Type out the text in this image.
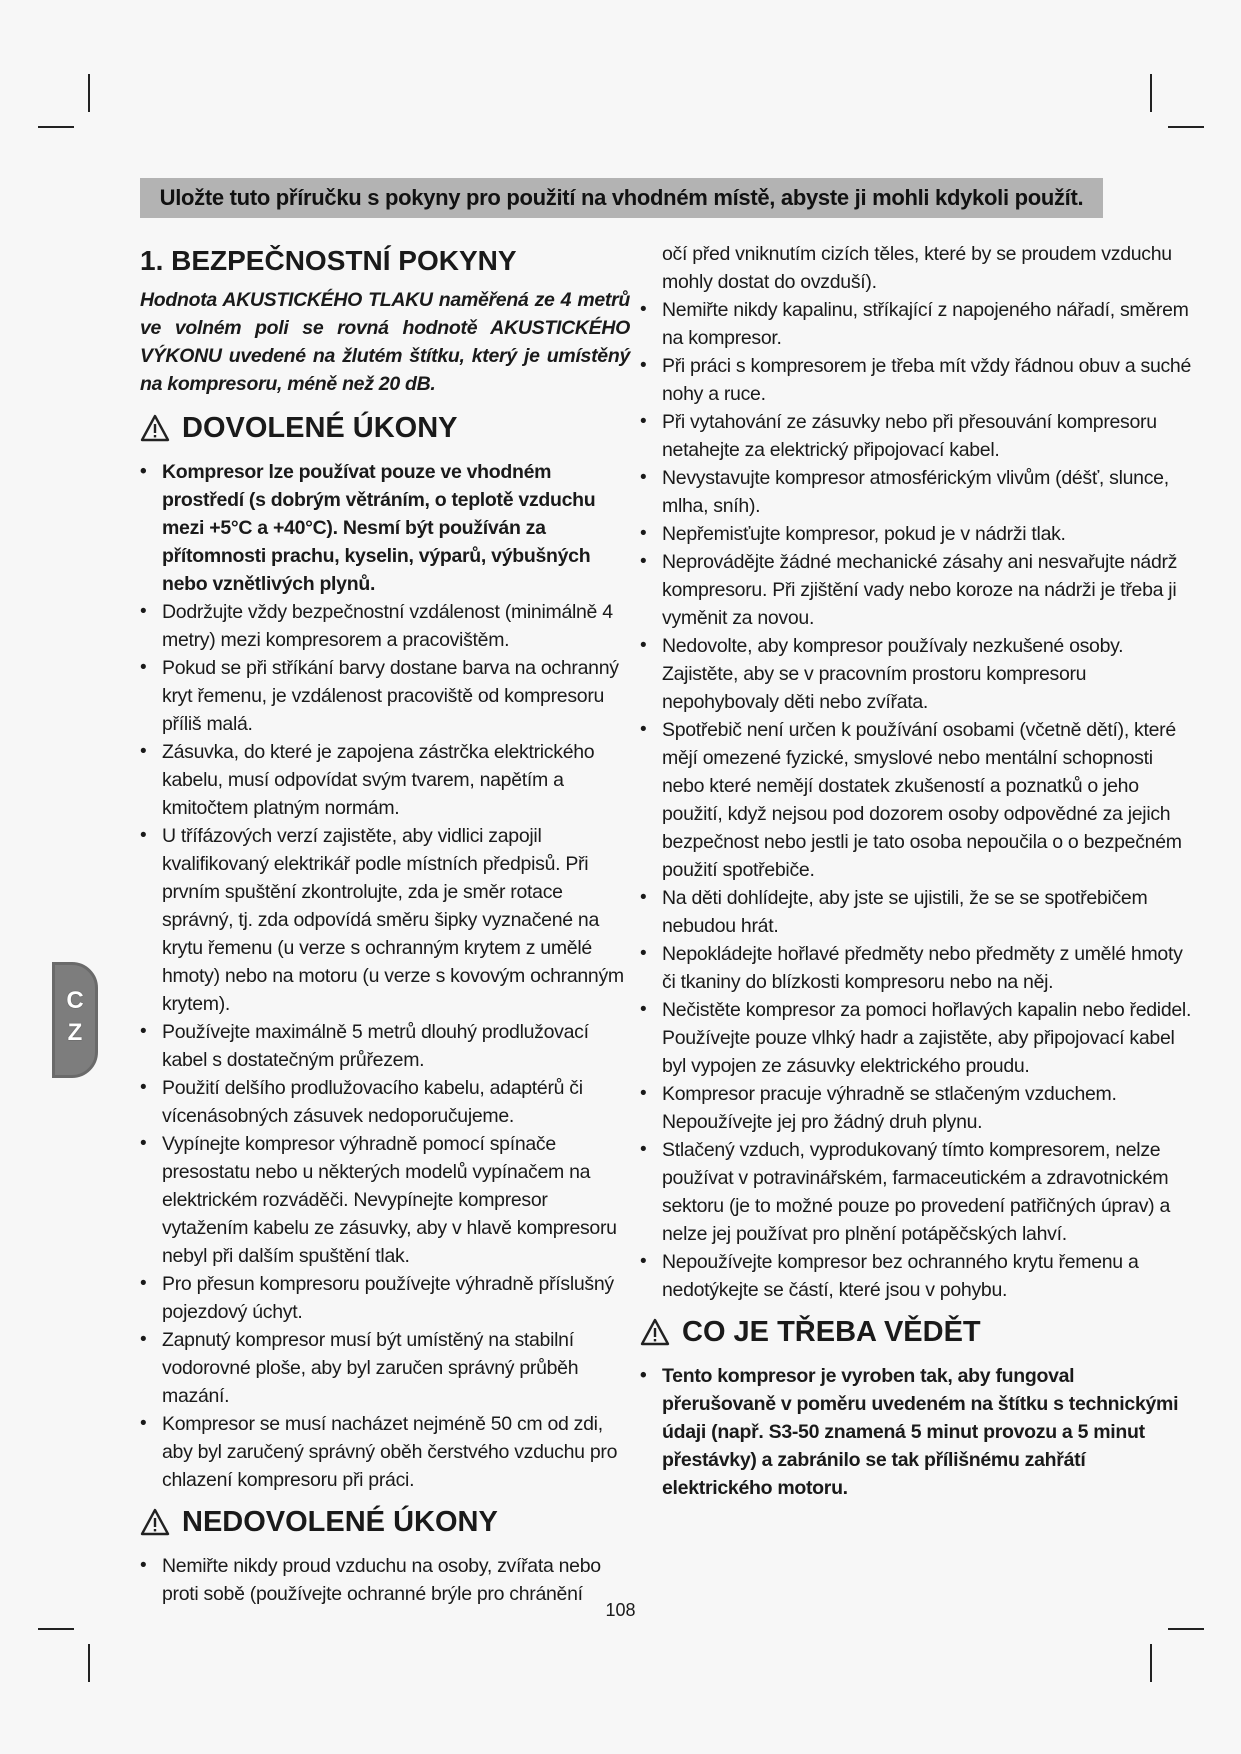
Uložte tuto příručku s pokyny pro použití na vhodném místě, abyste ji mohli kdykoli použít.
1. BEZPEČNOSTNÍ POKYNY

Hodnota AKUSTICKÉHO TLAKU naměřená ze 4 metrů ve volném poli se rovná hodnotě AKUSTICKÉHO VÝKONU uvedené na žlutém štítku, který je umístěný na kompresoru, méně než 20 dB.

DOVOLENÉ ÚKONY
• Kompresor lze používat pouze ve vhodném prostředí (s dobrým větráním, o teplotě vzduchu mezi +5°C a +40°C). Nesmí být používán za přítomnosti prachu, kyselin, výparů, výbušných nebo vznětlivých plynů.
• Dodržujte vždy bezpečnostní vzdálenost (minimálně 4 metry) mezi kompresorem a pracovištěm.
• Pokud se při stříkání barvy dostane barva na ochranný kryt řemenu, je vzdálenost pracoviště od kompresoru příliš malá.
• Zásuvka, do které je zapojena zástrčka elektrického kabelu, musí odpovídat svým tvarem, napětím a kmitočtem platným normám.
• U třífázových verzí zajistěte, aby vidlici zapojil kvalifikovaný elektrikář podle místních předpisů. Při prvním spuštění zkontrolujte, zda je směr rotace správný, tj. zda odpovídá směru šipky vyznačené na krytu řemenu (u verze s ochranným krytem z umělé hmoty) nebo na motoru (u verze s kovovým ochranným krytem).
• Používejte maximálně 5 metrů dlouhý prodlužovací kabel s dostatečným průřezem.
• Použití delšího prodlužovacího kabelu, adaptérů či vícenásobných zásuvek nedoporučujeme.
• Vypínejte kompresor výhradně pomocí spínače presostatu nebo u některých modelů vypínačem na elektrickém rozváděči. Nevypínejte kompresor vytažením kabelu ze zásuvky, aby v hlavě kompresoru nebyl při dalším spuštění tlak.
• Pro přesun kompresoru používejte výhradně příslušný pojezdový úchyt.
• Zapnutý kompresor musí být umístěný na stabilní vodorovné ploše, aby byl zaručen správný průběh mazání.
• Kompresor se musí nacházet nejméně 50 cm od zdi, aby byl zaručený správný oběh čerstvého vzduchu pro chlazení kompresoru při práci.
NEDOVOLENÉ ÚKONY
• Nemiřte nikdy proud vzduchu na osoby, zvířata nebo proti sobě (používejte ochranné brýle pro chránění

očí před vniknutím cizích těles, které by se proudem vzduchu mohly dostat do ovzduší).

• Nemiřte nikdy kapalinu, stříkající z napojeného nářadí, směrem na kompresor.
• Při práci s kompresorem je třeba mít vždy řádnou obuv a suché nohy a ruce.
• Při vytahování ze zásuvky nebo při přesouvání kompresoru netahejte za elektrický připojovací kabel.
• Nevystavujte kompresor atmosférickým vlivům (déšť, slunce, mlha, sníh).
• Nepřemisťujte kompresor, pokud je v nádrži tlak.
• Neprovádějte žádné mechanické zásahy ani nesvařujte nádrž kompresoru. Při zjištění vady nebo koroze na nádrži je třeba ji vyměnit za novou.
• Nedovolte, aby kompresor používaly nezkušené osoby. Zajistěte, aby se v pracovním prostoru kompresoru nepohybovaly děti nebo zvířata.
• Spotřebič není určen k používání osobami (včetně dětí), které mějí omezené fyzické, smyslové nebo mentální schopnosti nebo které nemějí dostatek zkušeností a poznatků o jeho použití, když nejsou pod dozorem osoby odpovědné za jejich bezpečnost nebo jestli je tato osoba nepoučila o o bezpečném použití spotřebiče.
• Na děti dohlídejte, aby jste se ujistili, že se se spotřebičem nebudou hrát.
• Nepokládejte hořlavé předměty nebo předměty z umělé hmoty či tkaniny do blízkosti kompresoru nebo na něj.
• Nečistěte kompresor za pomoci hořlavých kapalin nebo ředidel. Používejte pouze vlhký hadr a zajistěte, aby připojovací kabel byl vypojen ze zásuvky elektrického proudu.
• Kompresor pracuje výhradně se stlačeným vzduchem. Nepoužívejte jej pro žádný druh plynu.
• Stlačený vzduch, vyprodukovaný tímto kompresorem, nelze používat v potravinářském, farmaceutickém a zdravotnickém sektoru (je to možné pouze po provedení patřičných úprav) a nelze jej používat pro plnění potápěčských lahví.
• Nepoužívejte kompresor bez ochranného krytu řemenu a nedotýkejte se částí, které jsou v pohybu.
CO JE TŘEBA VĚDĚT
• Tento kompresor je vyroben tak, aby fungoval přerušovaně v poměru uvedeném na štítku s technickými údaji (např. S3-50 znamená 5 minut provozu a 5 minut přestávky) a zabránilo se tak přílišnému zahřátí elektrického motoru.
C
Z
108
